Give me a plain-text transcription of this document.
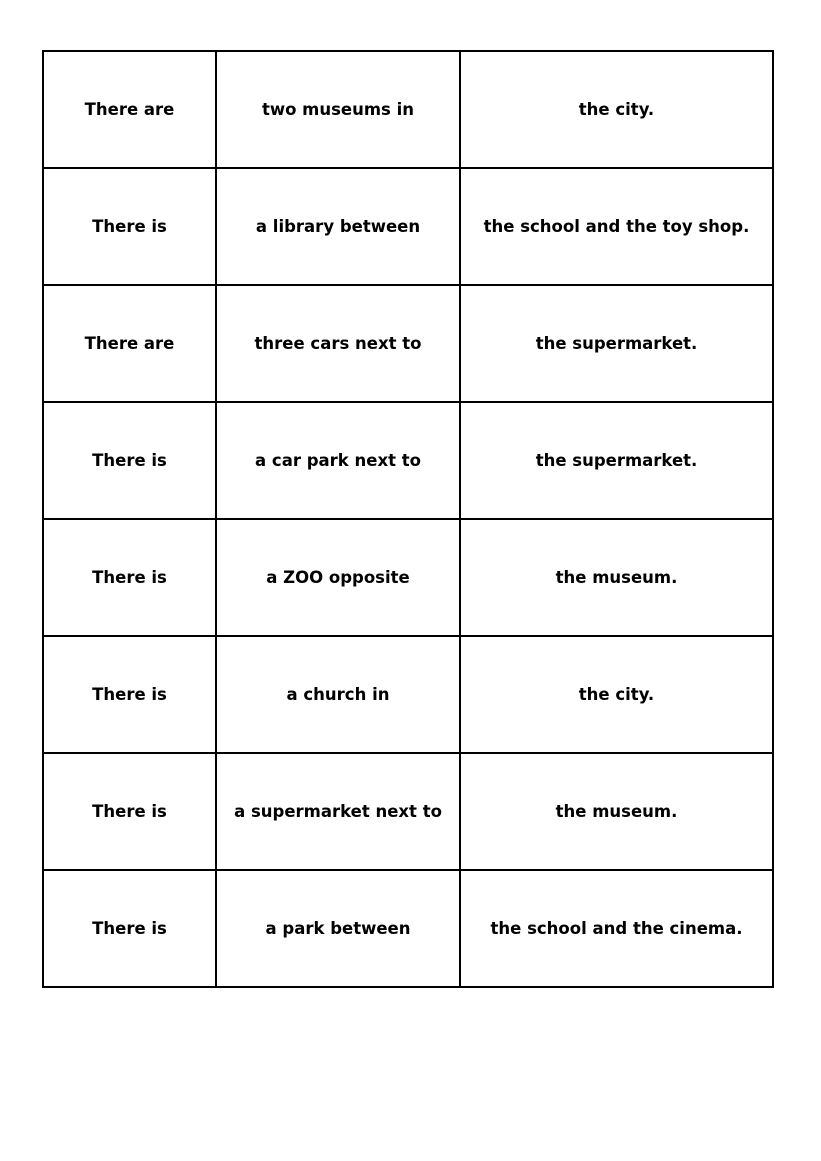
There are	two museums in	the city.
There is	a library between	the school and the toy shop.
There are	three cars next to	the supermarket.
There is	a car park next to	the supermarket.
There is	a ZOO opposite	the museum.
There is	a church in	the city.
There is	a supermarket next to	the museum.
There is	a park between	the school and the cinema.
